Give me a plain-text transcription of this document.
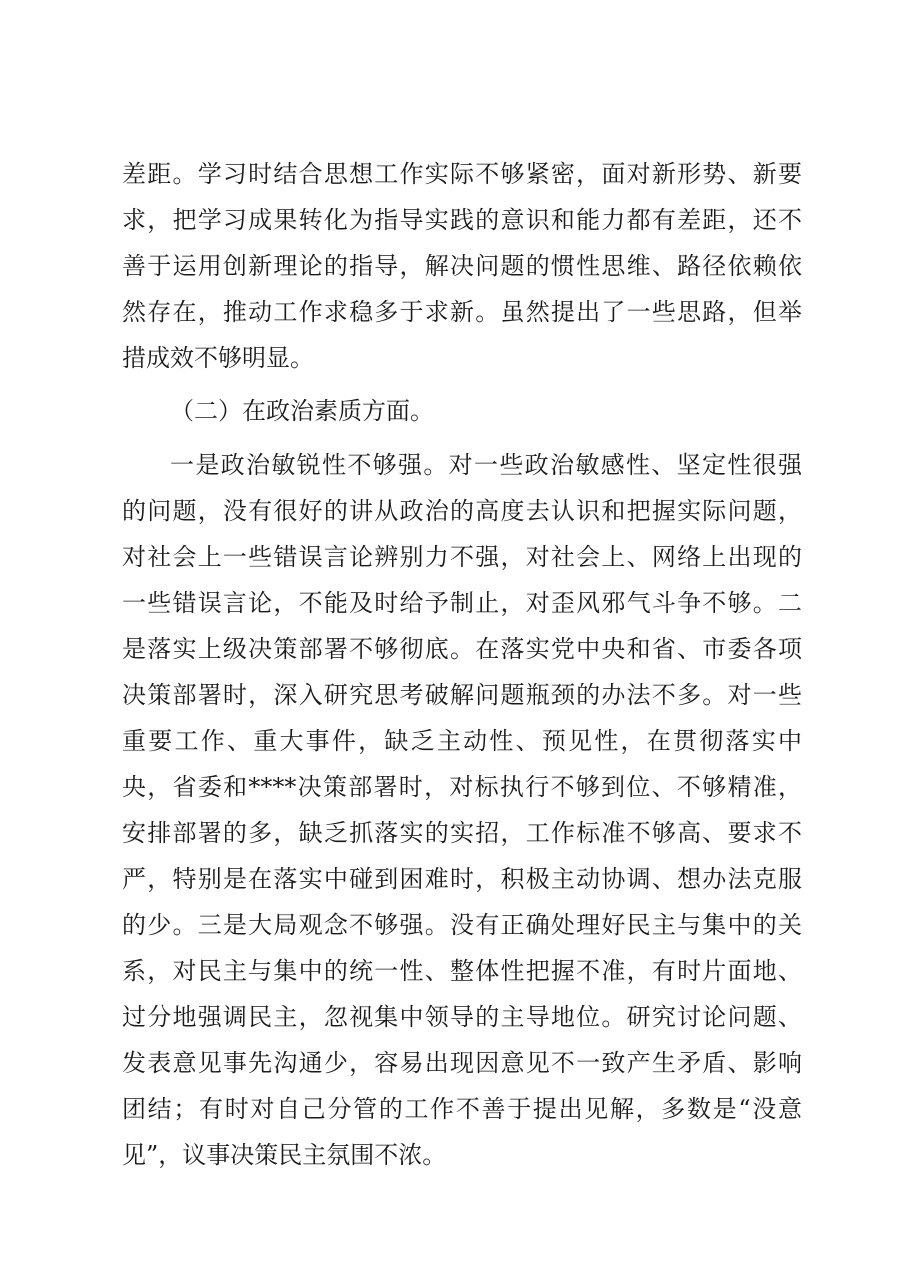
差距。学习时结合思想工作实际不够紧密，面对新形势、新要
求，把学习成果转化为指导实践的意识和能力都有差距，还不
善于运用创新理论的指导，解决问题的惯性思维、路径依赖依
然存在，推动工作求稳多于求新。虽然提出了一些思路，但举
措成效不够明显。
（二）在政治素质方面。
一是政治敏锐性不够强。对一些政治敏感性、坚定性很强
的问题，没有很好的讲从政治的高度去认识和把握实际问题，
对社会上一些错误言论辨别力不强，对社会上、网络上出现的
一些错误言论，不能及时给予制止，对歪风邪气斗争不够。二
是落实上级决策部署不够彻底。在落实党中央和省、市委各项
决策部署时，深入研究思考破解问题瓶颈的办法不多。对一些
重要工作、重大事件，缺乏主动性、预见性，在贯彻落实中
央，省委和****决策部署时，对标执行不够到位、不够精准，
安排部署的多，缺乏抓落实的实招，工作标准不够高、要求不
严，特别是在落实中碰到困难时，积极主动协调、想办法克服
的少。三是大局观念不够强。没有正确处理好民主与集中的关
系，对民主与集中的统一性、整体性把握不准，有时片面地、
过分地强调民主，忽视集中领导的主导地位。研究讨论问题、
发表意见事先沟通少，容易出现因意见不一致产生矛盾、影响
团结；有时对自己分管的工作不善于提出见解，多数是“没意
见”，议事决策民主氛围不浓。
